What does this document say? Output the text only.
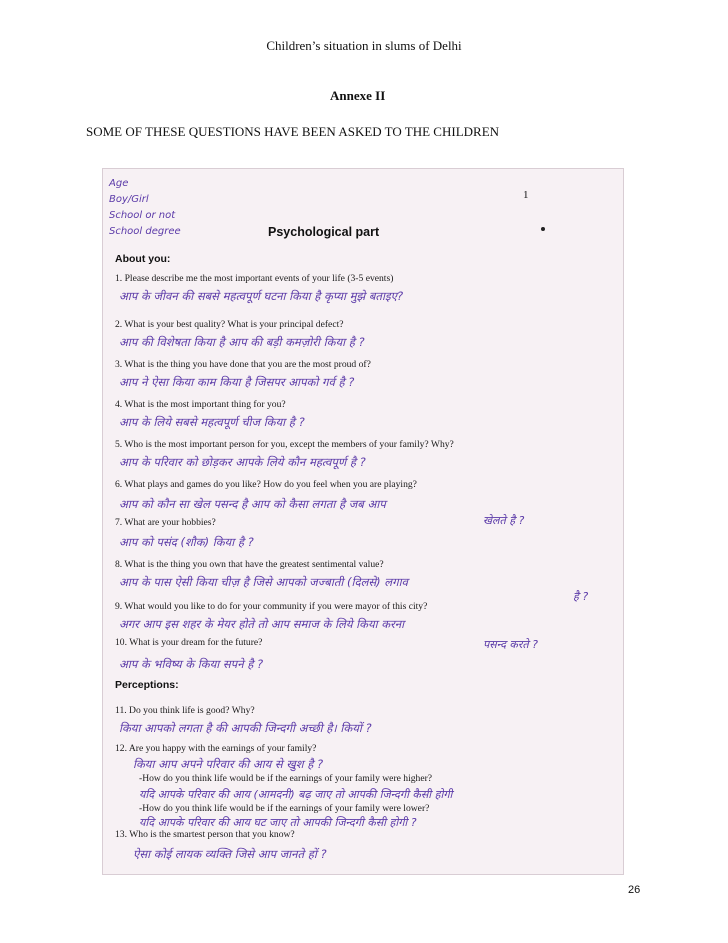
Children’s situation in slums of Delhi
Annexe II
SOME OF THESE QUESTIONS HAVE BEEN ASKED TO THE CHILDREN
Age
Boy/Girl
School or not
School degree
1
Psychological part
About you:
1. Please describe me the most important events of your life (3-5 events)
आप के जीवन की सबसे महत्वपूर्ण घटना किया है कृप्या मुझे बताइए?
2. What is your best quality? What is your principal defect?
आप की विशेषता किया है आप की बड़ी कमज़ोरी किया है ?
3. What is the thing you have done that you are the most proud of?
आप ने ऐसा किया काम किया है जिसपर आपको गर्व है ?
4. What is the most important thing for you?
आप के लिये सबसे महत्वपूर्ण चीज किया है ?
5. Who is the most important person for you, except the members of your family? Why?
आप के परिवार को छोड़कर आपके लिये कौन महत्वपूर्ण है ?
6. What plays and games do you like? How do you feel when you are playing?
आप को कौन सा खेल पसन्द है आप को कैसा लगता है जब आप
खेलते है ?
7. What are your hobbies?
आप को पसंद (शौक) किया है ?
8. What is the thing you own that have the greatest sentimental value?
आप के पास ऐसी किया चीज़ है जिसे आपको जज्बाती (दिलसे) लगाव
है ?
9. What would you like to do for your community if you were mayor of this city?
अगर आप इस शहर के मेयर होते तो आप समाज के लिये किया करना
10. What is your dream for the future?	पसन्द करते ?
आप के भविष्य के किया सपने है ?
Perceptions:
11. Do you think life is good? Why?
किया आपको लगता है की आपकी जिन्दगी अच्छी है। कियों ?
12. Are you happy with the earnings of your family?
किया आप अपने परिवार की आय से खुश है ?
-How do you think life would be if the earnings of your family were higher?
यदि आपके परिवार की आय (आमदनी) बढ़ जाए तो आपकी जिन्दगी कैसी होगी
-How do you think life would be if the earnings of your family were lower?
यदि आपके परिवार की आय घट जाए तो आपकी जिन्दगी कैसी होगी ?
13. Who is the smartest person that you know?
ऐसा कोई लायक व्यक्ति जिसे आप जानते हों ?
26
